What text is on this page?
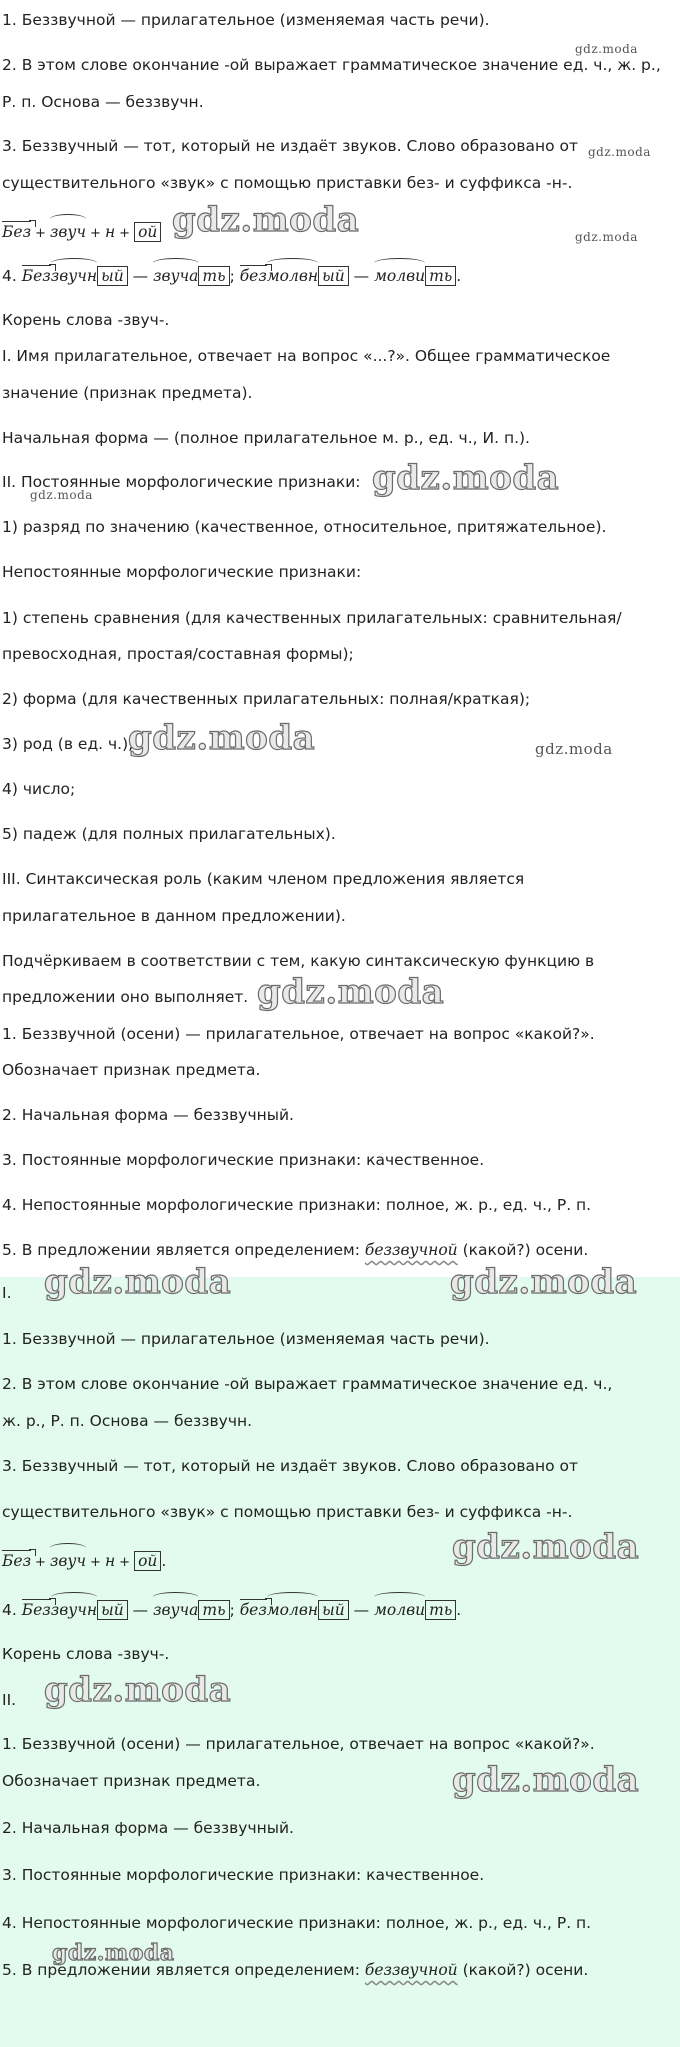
1. Беззвучной — прилагательное (изменяемая часть речи).
2. В этом слове окончание -ой выражает грамматическое значение ед. ч., ж. р.,
Р. п. Основа — беззвучн.
3. Беззвучный — тот, который не издаёт звуков. Слово образовано от
существительного «звук» с помощью приставки без- и суффикса -н-.
Без + звуч + н + ой
4. Беззвучн ый — звуча ть ; безмолвн ый — молви ть .
Корень слова -звуч-.
I. Имя прилагательное, отвечает на вопрос «...?». Общее грамматическое
значение (признак предмета).
Начальная форма — (полное прилагательное м. р., ед. ч., И. п.).
II. Постоянные морфологические признаки:
1) разряд по значению (качественное, относительное, притяжательное).
Непостоянные морфологические признаки:
1) степень сравнения (для качественных прилагательных: сравнительная/
превосходная, простая/составная формы);
2) форма (для качественных прилагательных: полная/краткая);
3) род (в ед. ч.);
4) число;
5) падеж (для полных прилагательных).
III. Синтаксическая роль (каким членом предложения является
прилагательное в данном предложении).
Подчёркиваем в соответствии с тем, какую синтаксическую функцию в
предложении оно выполняет.
1. Беззвучной (осени) — прилагательное, отвечает на вопрос «какой?».
Обозначает признак предмета.
2. Начальная форма — беззвучный.
3. Постоянные морфологические признаки: качественное.
4. Непостоянные морфологические признаки: полное, ж. р., ед. ч., Р. п.
5. В предложении является определением: беззвучной (какой?) осени.
I.
1. Беззвучной — прилагательное (изменяемая часть речи).
2. В этом слове окончание -ой выражает грамматическое значение ед. ч.,
ж. р., Р. п. Основа — беззвучн.
3. Беззвучный — тот, который не издаёт звуков. Слово образовано от
существительного «звук» с помощью приставки без- и суффикса -н-.
Без + звуч + н + ой .
4. Беззвучн ый — звуча ть ; безмолвн ый — молви ть .
Корень слова -звуч-.
II.
1. Беззвучной (осени) — прилагательное, отвечает на вопрос «какой?».
Обозначает признак предмета.
2. Начальная форма — беззвучный.
3. Постоянные морфологические признаки: качественное.
4. Непостоянные морфологические признаки: полное, ж. р., ед. ч., Р. п.
5. В предложении является определением: беззвучной (какой?) осени.
gdz.moda
gdz.moda
gdz.moda	gdz.moda
gdz.moda
gdz.moda
gdz.moda	gdz.moda
gdz.moda
gdz.moda	gdz.moda
gdz.moda
gdz.moda
gdz.moda
gdz.moda
